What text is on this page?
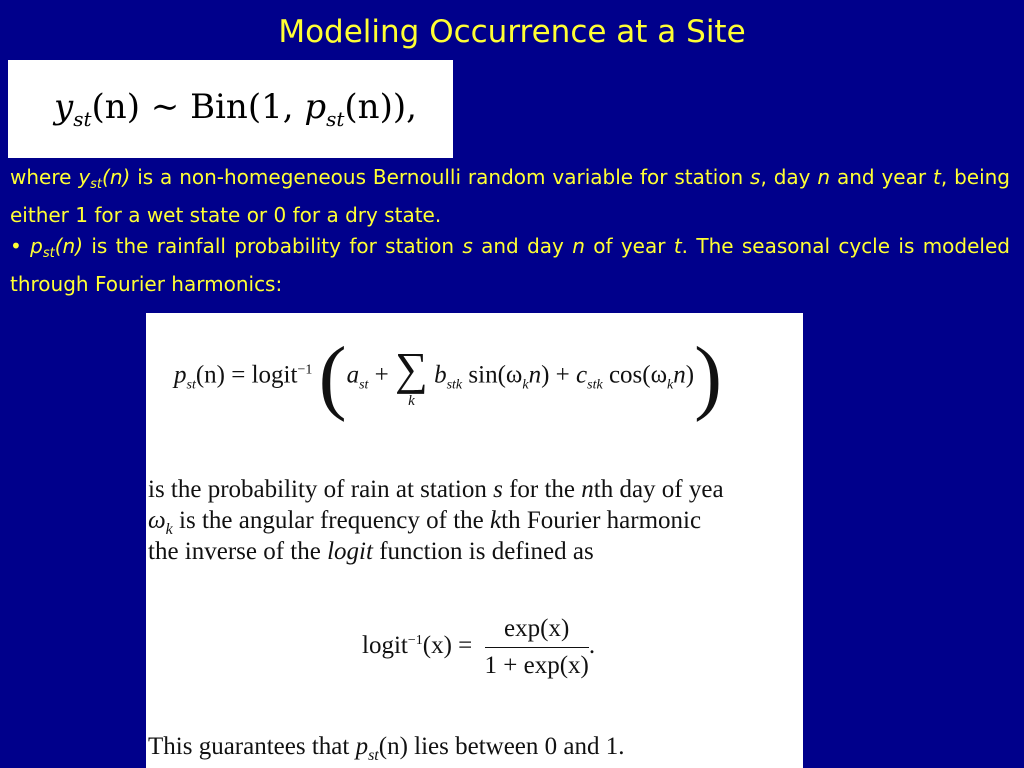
Modeling Occurrence at a Site
$y_{st}(n)$ ∼ Bin(1, $p_{st}(n)$),

where $y_{st}(n)$ is a non-homegeneous Bernoulli random variable for station s, day n and year t, being either 1 for a wet state or 0 for a dry state.

• $p_{st}(n)$ is the rainfall probability for station s and day n of year t. The seasonal cycle is modeled through Fourier harmonics:

$p_{st}(n)$ = logit$^{-1}$ ($a_{st}$ + ∑
k
$b_{stk}$ $\sin(\omega_kn) + c_{stk}$ $\cos(\omega_kn)$)
is the probability of rain at station s for the nth day of yea
$\omega_k$ is the angular frequency of the kth Fourier harmonic
the inverse of the logit function is defined as
logit$^{-1}$(x) = $\frac{\exp(x)}{1 + \exp(x)}$ .
This guarantees that $p_{st}(n)$ lies between 0 and 1.
